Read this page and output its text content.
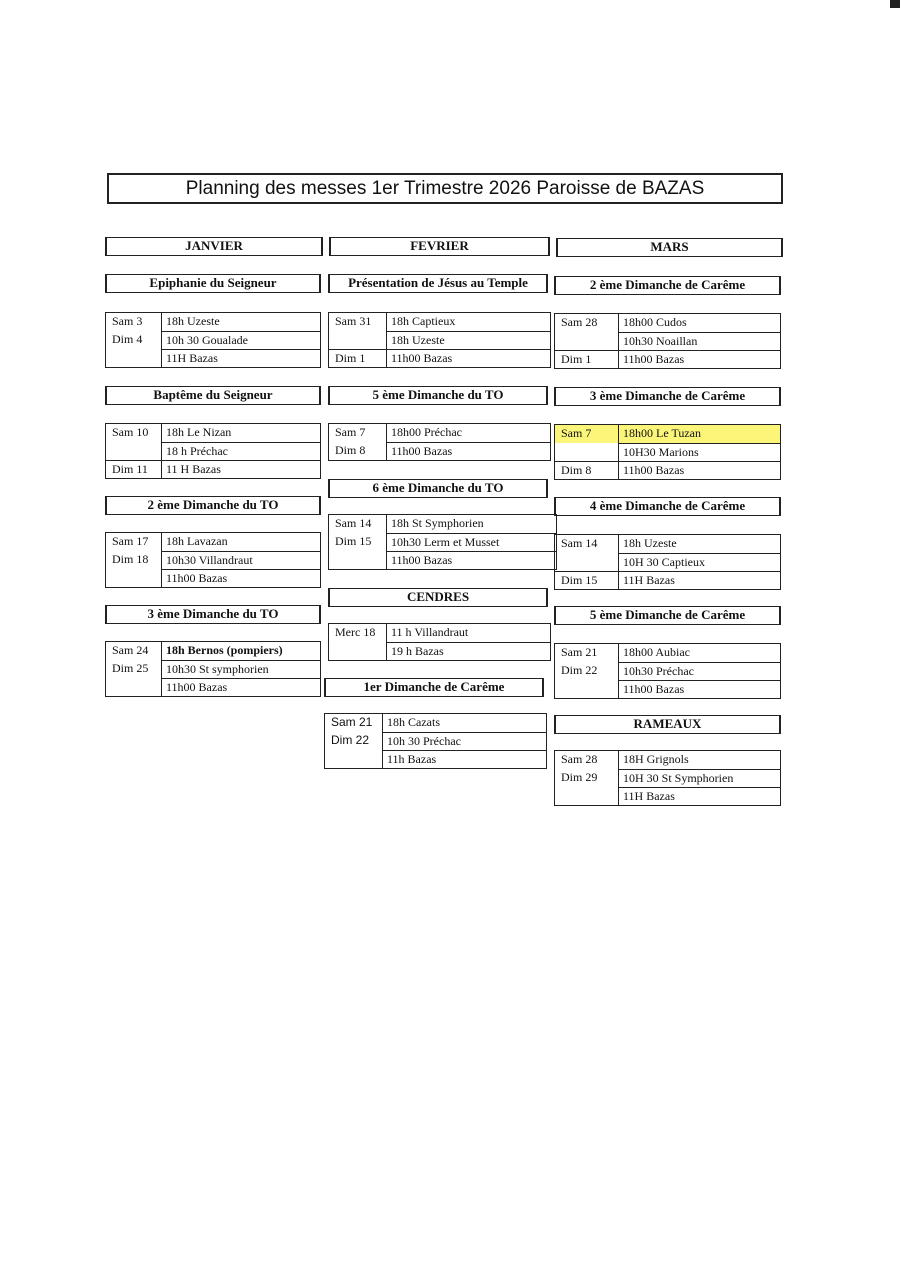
Planning des messes 1er Trimestre 2026 Paroisse de BAZAS
JANVIER	FEVRIER	MARS
Epiphanie du Seigneur
Sam 3	18h Uzeste
Dim 4	10h 30 Goualade
11H Bazas
Baptême du Seigneur
Sam 10	18h Le Nizan
18 h Préchac
Dim 11	11 H Bazas
2 ème Dimanche du TO
Sam 17	18h Lavazan
Dim 18	10h30 Villandraut
11h00 Bazas
3 ème Dimanche du TO
Sam 24	18h Bernos (pompiers)
Dim 25	10h30 St symphorien
11h00 Bazas
Présentation de Jésus au Temple
Sam 31	18h Captieux
18h Uzeste
Dim 1	11h00 Bazas
5 ème Dimanche du TO
Sam 7	18h00 Préchac
Dim 8	11h00 Bazas
6 ème Dimanche du TO
Sam 14	18h St Symphorien
Dim 15	10h30 Lerm et Musset
11h00 Bazas
CENDRES
Merc 18	11 h Villandraut
19 h Bazas
1er Dimanche de Carême
Sam 21	18h Cazats
Dim 22	10h 30 Préchac
11h Bazas
2 ème Dimanche de Carême
Sam 28	18h00 Cudos
10h30 Noaillan
Dim 1	11h00 Bazas
3 ème Dimanche de Carême
Sam 7	18h00 Le Tuzan
10H30 Marions
Dim 8	11h00 Bazas
4 ème Dimanche de Carême
Sam 14	18h Uzeste
10H 30 Captieux
Dim 15	11H Bazas
5 ème Dimanche de Carême
Sam 21	18h00 Aubiac
Dim 22	10h30 Préchac
11h00 Bazas
RAMEAUX
Sam 28	18H Grignols
Dim 29	10H 30 St Symphorien
11H Bazas
